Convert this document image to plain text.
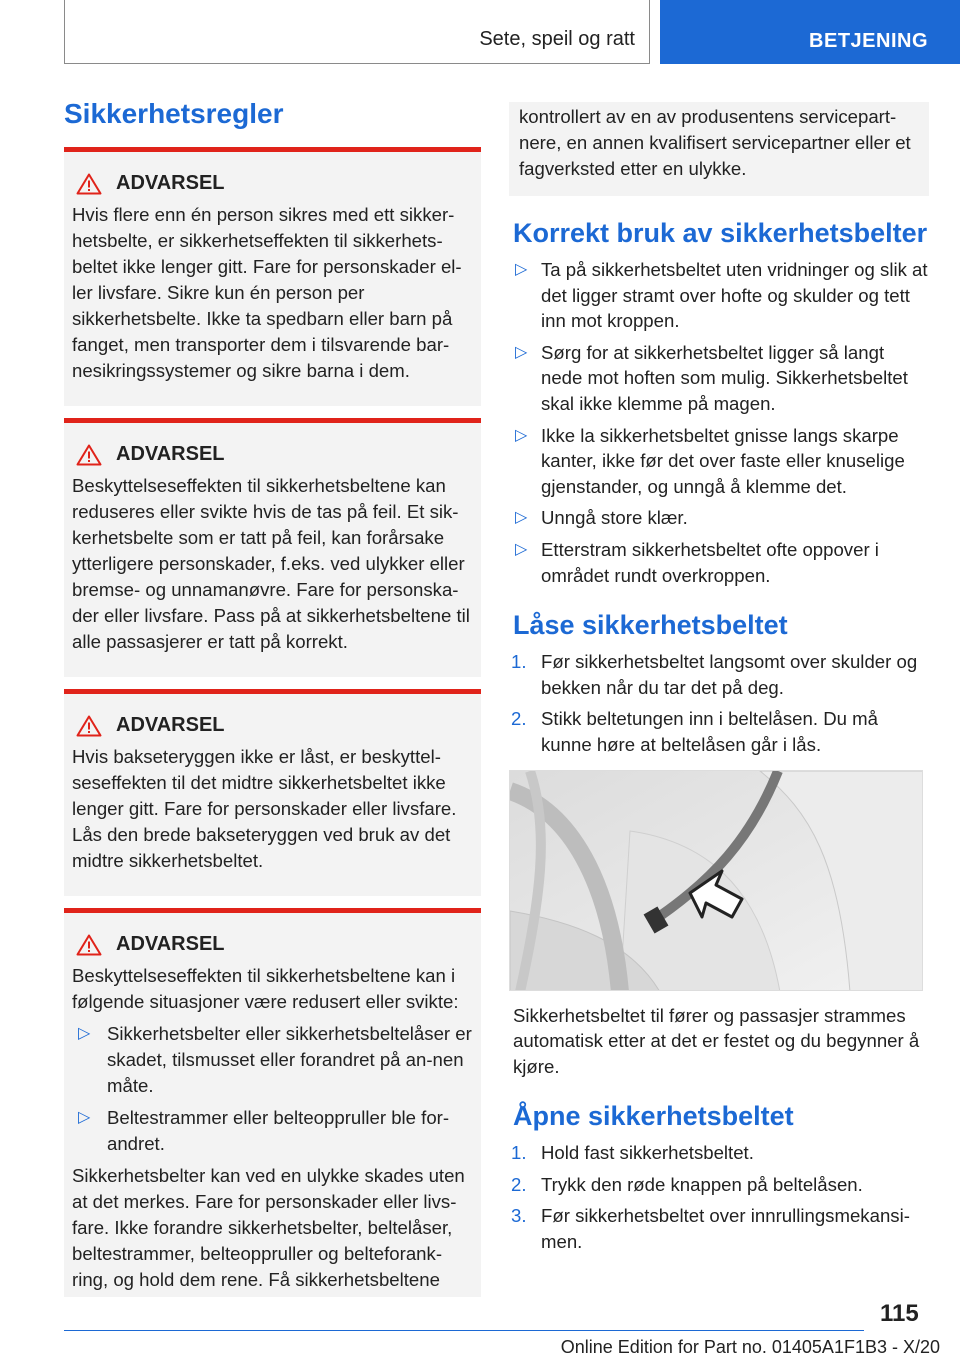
Sete, speil og ratt	BETJENING
Sikkerhetsregler
ADVARSEL

Hvis flere enn én person sikres med ett sikker-hetsbelte, er sikkerhetseffekten til sikkerhets-beltet ikke lenger gitt. Fare for personskader el-ler livsfare. Sikre kun én person per sikkerhetsbelte. Ikke ta spedbarn eller barn på fanget, men transporter dem i tilsvarende bar-nesikringssystemer og sikre barna i dem.

ADVARSEL

Beskyttelseseffekten til sikkerhetsbeltene kan reduseres eller svikte hvis de tas på feil. Et sik-kerhetsbelte som er tatt på feil, kan forårsake ytterligere personskader, f.eks. ved ulykker eller bremse- og unnamanøvre. Fare for personska-der eller livsfare. Pass på at sikkerhetsbeltene til alle passasjerer er tatt på korrekt.

ADVARSEL

Hvis bakseteryggen ikke er låst, er beskyttel-seseffekten til det midtre sikkerhetsbeltet ikke lenger gitt. Fare for personskader eller livsfare. Lås den brede bakseteryggen ved bruk av det midtre sikkerhetsbeltet.

ADVARSEL

Beskyttelseseffekten til sikkerhetsbeltene kan i følgende situasjoner være redusert eller svikte:

▷ Sikkerhetsbelter eller sikkerhetsbeltelåser er skadet, tilsmusset eller forandret på an-nen måte.
▷ Beltestrammer eller belteoppruller ble for-andret.

Sikkerhetsbelter kan ved en ulykke skades uten at det merkes. Fare for personskader eller livs-fare. Ikke forandre sikkerhetsbelter, beltelåser, beltestrammer, belteoppruller og belteforank-ring, og hold dem rene. Få sikkerhetsbeltene

kontrollert av en av produsentens servicepart-nere, en annen kvalifisert servicepartner eller et fagverksted etter en ulykke.
Korrekt bruk av sikkerhetsbelter
▷ Ta på sikkerhetsbeltet uten vridninger og slik at det ligger stramt over hofte og skulder og tett inn mot kroppen.
▷ Sørg for at sikkerhetsbeltet ligger så langt nede mot hoften som mulig. Sikkerhetsbeltet skal ikke klemme på magen.
▷ Ikke la sikkerhetsbeltet gnisse langs skarpe kanter, ikke før det over faste eller knuselige gjenstander, og unngå å klemme det.
▷ Unngå store klær.
▷ Etterstram sikkerhetsbeltet ofte oppover i området rundt overkroppen.
Låse sikkerhetsbeltet
1. Før sikkerhetsbeltet langsomt over skulder og bekken når du tar det på deg.
2. Stikk beltetungen inn i beltelåsen. Du må kunne høre at beltelåsen går i lås.

Sikkerhetsbeltet til fører og passasjer strammes automatisk etter at det er festet og du begynner å kjøre.

Åpne sikkerhetsbeltet
1. Hold fast sikkerhetsbeltet.
2. Trykk den røde knappen på beltelåsen.
3. Før sikkerhetsbeltet over innrullingsmekansi-men.
115
Online Edition for Part no. 01405A1F1B3 - X/20
